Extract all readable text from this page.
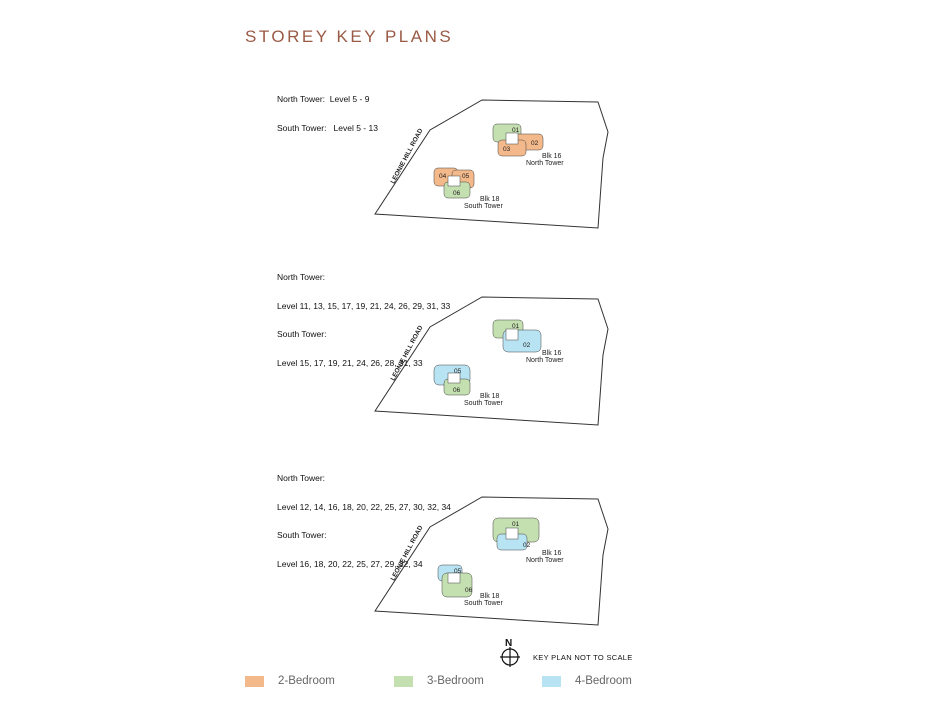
STOREY KEY PLANS

North Tower:  Level 5 - 9

South Tower:   Level 5 - 13

LEONIE HILL ROAD	01
02
03
Blk 16
North Tower
04 05
06
Blk 18
South Tower

North Tower:

Level 11, 13, 15, 17, 19, 21, 24, 26, 29, 31, 33

South Tower:

Level 15, 17, 19, 21, 24, 26, 28, 31, 33

LEONIE HILL ROAD	01
02
Blk 16
North Tower
05
06
Blk 18
South Tower

North Tower:

Level 12, 14, 16, 18, 20, 22, 25, 27, 30, 32, 34

South Tower:

Level 16, 18, 20, 22, 25, 27, 29, 32, 34

LEONIE HILL ROAD
01
02
Blk 16
North Tower
05
06
Blk 18
South Tower
N
KEY PLAN NOT TO SCALE
2-Bedroom	3-Bedroom	4-Bedroom
